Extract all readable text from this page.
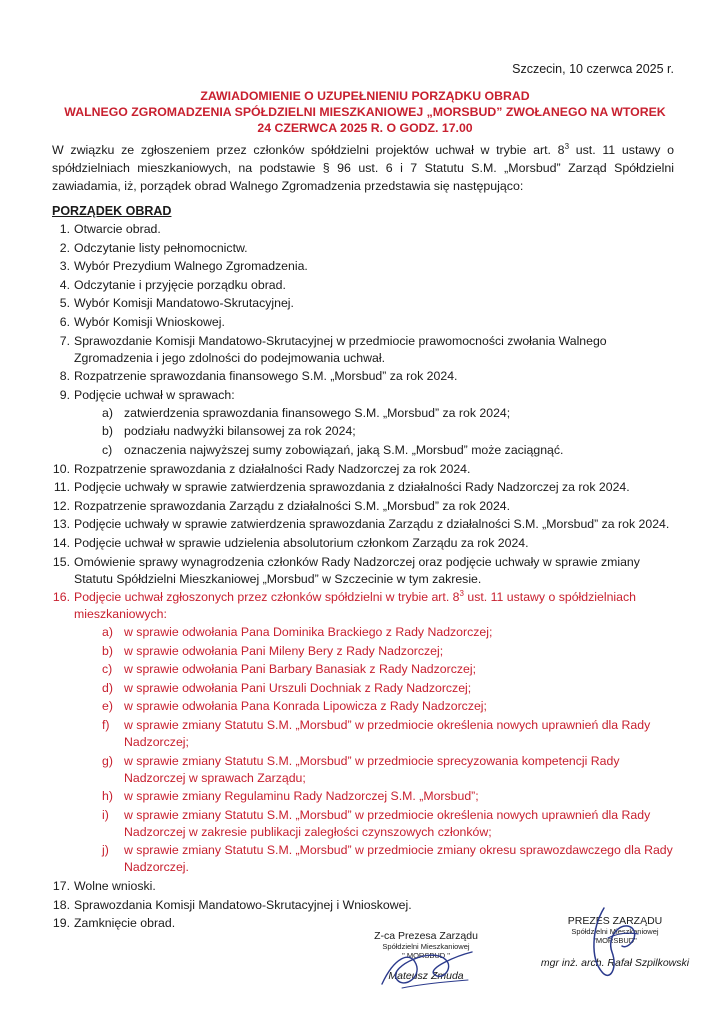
Szczecin, 10 czerwca 2025 r.
ZAWIADOMIENIE O UZUPEŁNIENIU PORZĄDKU OBRAD
WALNEGO ZGROMADZENIA SPÓŁDZIELNI MIESZKANIOWEJ „MORSBUD” ZWOŁANEGO NA WTOREK
24 CZERWCA 2025 R. O GODZ. 17.00

W związku ze zgłoszeniem przez członków spółdzielni projektów uchwał w trybie art. $8^3$ ust. 11 ustawy o spółdzielniach mieszkaniowych, na podstawie § 96 ust. 6 i 7 Statutu S.M. „Morsbud” Zarząd Spółdzielni zawiadamia, iż, porządek obrad Walnego Zgromadzenia przedstawia się następująco:

PORZĄDEK OBRAD
1. Otwarcie obrad.
2. Odczytanie listy pełnomocnictw.
3. Wybór Prezydium Walnego Zgromadzenia.
4. Odczytanie i przyjęcie porządku obrad.
5. Wybór Komisji Mandatowo-Skrutacyjnej.
6. Wybór Komisji Wnioskowej.
7. Sprawozdanie Komisji Mandatowo-Skrutacyjnej w przedmiocie prawomocności zwołania Walnego Zgromadzenia i jego zdolności do podejmowania uchwał.
8. Rozpatrzenie sprawozdania finansowego S.M. „Morsbud” za rok 2024.
9. Podjęcie uchwał w sprawach:
a) zatwierdzenia sprawozdania finansowego S.M. „Morsbud” za rok 2024;
b) podziału nadwyżki bilansowej za rok 2024;
c) oznaczenia najwyższej sumy zobowiązań, jaką S.M. „Morsbud” może zaciągnąć.
10. Rozpatrzenie sprawozdania z działalności Rady Nadzorczej za rok 2024.
11. Podjęcie uchwały w sprawie zatwierdzenia sprawozdania z działalności Rady Nadzorczej za rok 2024.
12. Rozpatrzenie sprawozdania Zarządu z działalności S.M. „Morsbud” za rok 2024.
13. Podjęcie uchwały w sprawie zatwierdzenia sprawozdania Zarządu z działalności S.M. „Morsbud” za rok 2024.
14. Podjęcie uchwał w sprawie udzielenia absolutorium członkom Zarządu za rok 2024.
15. Omówienie sprawy wynagrodzenia członków Rady Nadzorczej oraz podjęcie uchwały w sprawie zmiany Statutu Spółdzielni Mieszkaniowej „Morsbud” w Szczecinie w tym zakresie.
16. Podjęcie uchwał zgłoszonych przez członków spółdzielni w trybie art. $8^3$ ust. 11 ustawy o spółdzielniach mieszkaniowych:
a) w sprawie odwołania Pana Dominika Brackiego z Rady Nadzorczej;
b) w sprawie odwołania Pani Mileny Bery z Rady Nadzorczej;
c) w sprawie odwołania Pani Barbary Banasiak z Rady Nadzorczej;
d) w sprawie odwołania Pani Urszuli Dochniak z Rady Nadzorczej;
e) w sprawie odwołania Pana Konrada Lipowicza z Rady Nadzorczej;
f) w sprawie zmiany Statutu S.M. „Morsbud” w przedmiocie określenia nowych uprawnień dla Rady Nadzorczej;
g) w sprawie zmiany Statutu S.M. „Morsbud” w przedmiocie sprecyzowania kompetencji Rady Nadzorczej w sprawach Zarządu;
h) w sprawie zmiany Regulaminu Rady Nadzorczej S.M. „Morsbud”;
i) w sprawie zmiany Statutu S.M. „Morsbud” w przedmiocie określenia nowych uprawnień dla Rady Nadzorczej w zakresie publikacji zaległości czynszowych członków;
j) w sprawie zmiany Statutu S.M. „Morsbud” w przedmiocie zmiany okresu sprawozdawczego dla Rady Nadzorczej.
17. Wolne wnioski.
18. Sprawozdania Komisji Mandatowo-Skrutacyjnej i Wnioskowej.
19. Zamknięcie obrad.
Z-ca Prezesa Zarządu
Spółdzielni Mieszkaniowej
" MORSBUD "
Mateusz Zmuda
PREZES ZARZĄDU
Spółdzielni Mieszkaniowej
"MORSBUD"
mgr inż. arch. Rafał Szpilkowski
